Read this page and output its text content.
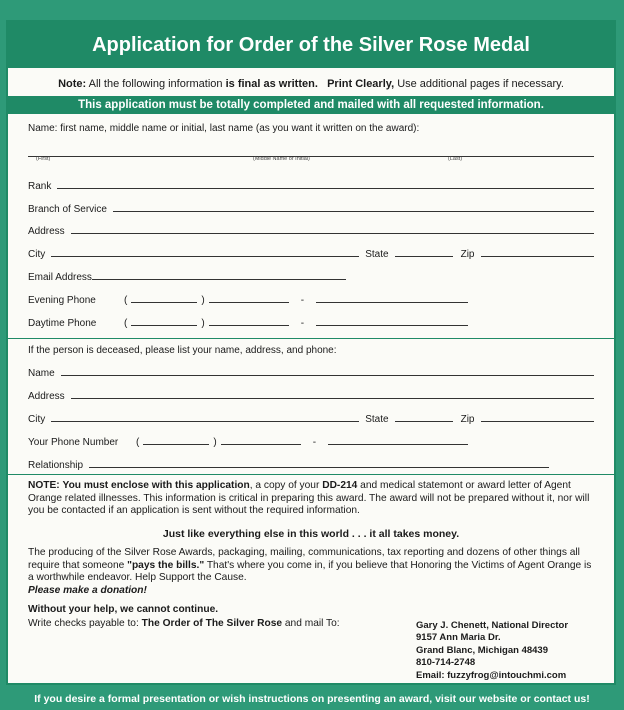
Application for Order of the Silver Rose Medal
Note: All the following information is final as written. Print Clearly, Use additional pages if necessary.
This application must be totally completed and mailed with all requested information.
Name: first name, middle name or initial, last name (as you want it written on the award):
(First)	(Middle Name or Initial)	(Last)
Rank
Branch of Service
Address
City	State	Zip
Email Address
Evening Phone	(	)	-
Daytime Phone	(	)	-
If the person is deceased, please list your name, address, and phone:
Name
Address
City	State	Zip
Your Phone Number	(	)	-
Relationship
NOTE: You must enclose with this application, a copy of your DD-214 and medical statemont or award letter of Agent Orange related illnesses. This information is critical in preparing this award. The award will not be prepared without it, nor will you be contacted if an application is sent without the required information.
Just like everything else in this world . . . it all takes money.
The producing of the Silver Rose Awards, packaging, mailing, communications, tax reporting and dozens of other things all require that someone "pays the bills." That's where you come in, if you believe that Honoring the Victims of Agent Orange is a worthwhile endeavor. Help Support the Cause.
Please make a donation!
Without your help, we cannot continue.
Write checks payable to: The Order of The Silver Rose and mail To:	Gary J. Chenett, National Director
9157 Ann Maria Dr.
Grand Blanc, Michigan 48439
810-714-2748
Email: fuzzyfrog@intouchmi.com
If you desire a formal presentation or wish instructions on presenting an award, visit our website or contact us!
